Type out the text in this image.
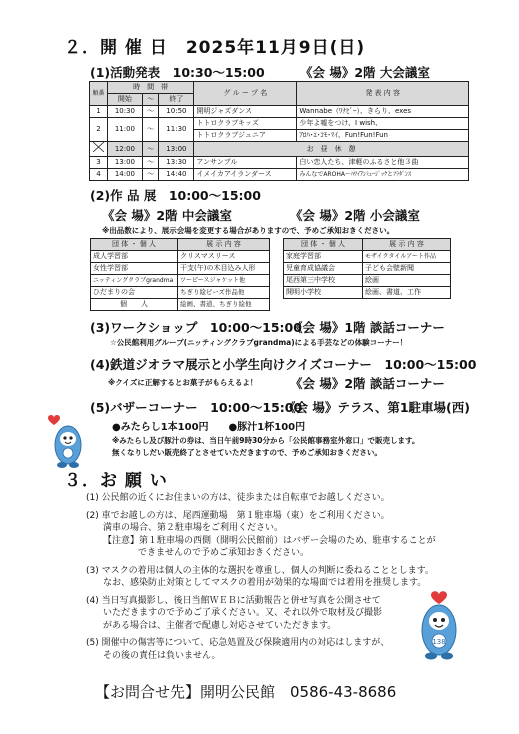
２．開 催 日　2025年11月9日(日)
(1)活動発表　10:30〜15:00	《会 場》2階 大会議室
順番	時　間　帯			グ ル ー プ 名	発 表 内 容
	開始	〜	終了		
1	10:30	〜	10:50	開明ジャズダンス	Wannabe（ﾜﾅﾋﾞｰ）、きらり、exes
2	11:00	〜	11:30	トトロクラブキッズ	少年よ嘘をつけ、I wish、
				トトロクラブジュニア	ｱﾛﾊ･ｴ･ｺﾓ･ﾏｲ、Fun!Fun!Fun
	12:00	〜	13:00	お　昼　休　憩	
3	13:00	〜	13:30	アンサンブル	白い恋人たち、津軽のふるさと他３曲
4	14:00	〜	14:40	イメイカアイランダース	みんなでAROHA〜ﾊﾜｲｱﾝﾐｭｰｼﾞｯｸとﾌﾗﾀﾞﾝｽ
(2)作 品 展　10:00〜15:00
《会 場》2階 中会議室	《会 場》2階 小会議室
※出品数により、展示会場を変更する場合がありますので、予めご承知おきください。
団 体 ・ 個 人	展 示 内 容
成人学習部	クリスマスリース
女性学習部	干支(午)の木目込み人形
ニッティングクラブgrandma	ツーピースジャケット他
ひだまりの会	ちぎり絵ビーズ作品他
個　　人	絵画、書道、ちぎり絵他
団 体 ・ 個 人	展 示 内 容
家庭学習部	モザイクタイルアート作品
児童育成協議会	子ども会壁新聞
尾西第三中学校	絵画
開明小学校	絵画、書道、工作
(3)ワークショップ　10:00〜15:00
《会 場》1階 談話コーナー
☆公民館利用グループ(ニッティングクラブgrandma)による手芸などの体験コーナー！
(4)鉄道ジオラマ展示と小学生向けクイズコーナー　10:00〜15:00
※クイズに正解するとお菓子がもらえるよ！	《会 場》2階 談話コーナー
(5)バザーコーナー　10:00〜15:00
《会 場》テラス、第1駐車場(西)
●みたらし1本100円　　●豚汁1杯100円
※みたらし及び豚汁の券は、当日午前9時30分から「公民館事務室外窓口」で販売します。
無くなりしだい販売終了とさせていただきますので、予めご承知おきください。
３．お 願 い
(1) 公民館の近くにお住まいの方は、徒歩または自転車でお越しください。
(2) 車でお越しの方は、尾西運動場　第１駐車場（東）をご利用ください。
満車の場合、第２駐車場をご利用ください。
【注意】第１駐車場の西側（開明公民館前）はバザー会場のため、駐車することが
できませんので予めご承知おきください。
(3) マスクの着用は個人の主体的な選択を尊重し、個人の判断に委ねることとします。
なお、感染防止対策としてマスクの着用が効果的な場面では着用を推奨します。
(4) 当日写真撮影し、後日当館ＷＥＢに活動報告と併せ写真を公開させて
いただきますので予めご了承ください。又、それ以外で取材及び撮影
がある場合は、主催者で配慮し対応させていただきます。
(5) 開催中の傷害等について、応急処置及び保険適用内の対応はしますが、
その後の責任は負いません。
138
【お問合せ先】開明公民館　0586-43-8686
